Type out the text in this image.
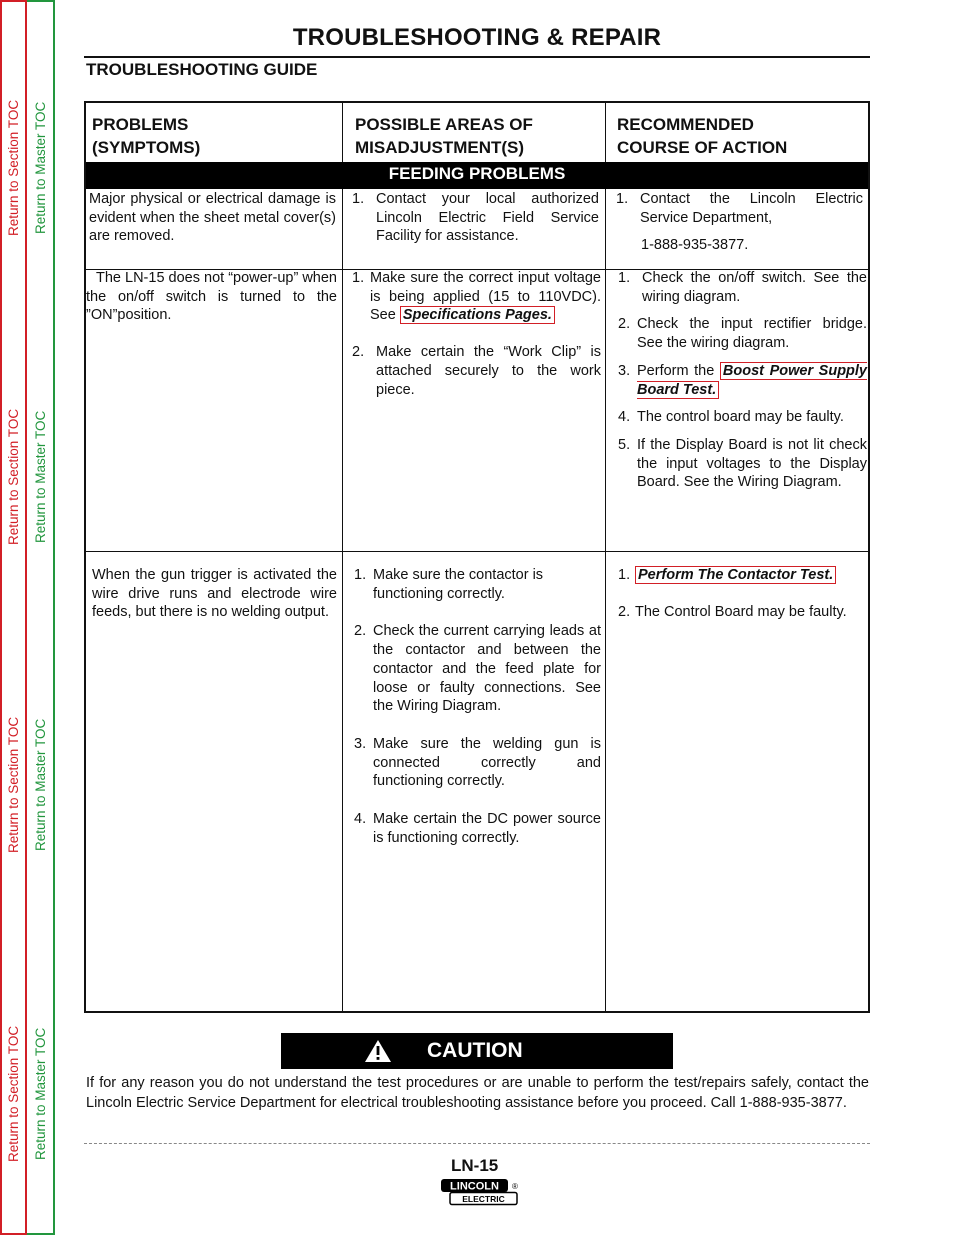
Return to Section TOC Return to Master TOC
Return to Section TOC Return to Master TOC
Return to Section TOC Return to Master TOC
Return to Section TOC Return to Master TOC
TROUBLESHOOTING & REPAIR
TROUBLESHOOTING GUIDE
PROBLEMS
(SYMPTOMS)
POSSIBLE AREAS OF
MISADJUSTMENT(S)
RECOMMENDED
COURSE OF ACTION
FEEDING PROBLEMS
Major physical or electrical damage is evident when the sheet metal cover(s) are removed.
1. Contact your local authorized Lincoln Electric Field Service Facility for assistance.
1. Contact the Lincoln Electric Service Department,
1-888-935-3877.

The LN-15 does not “power-up” when the on/off switch is turned to the ”ON”position.

1. Make sure the correct input voltage is being applied (15 to 110VDC). See Specifications Pages.
2. Make certain the “Work Clip” is attached securely to the work piece.
1. Check the on/off switch. See the wiring diagram.
2. Check the input rectifier bridge. See the wiring diagram.
3. Perform the Boost Power Supply Board Test.
4. The control board may be faulty.
5. If the Display Board is not lit check the input voltages to the Display Board. See the Wiring Diagram.
When the gun trigger is activated the wire drive runs and electrode wire feeds, but there is no welding output.
1. Make sure the contactor is functioning correctly.
2. Check the current carrying leads at the contactor and between the contactor and the feed plate for loose or faulty connections. See the Wiring Diagram.
3. Make sure the welding gun is connected correctly and functioning correctly.
4. Make certain the DC power source is functioning correctly.
1. Perform The Contactor Test.
2. The Control Board may be faulty.
CAUTION
If for any reason you do not understand the test procedures or are unable to perform the test/repairs safely, contact the Lincoln Electric Service Department for electrical troubleshooting assistance before you proceed. Call 1-888-935-3877.
LN-15
LINCOLN
ELECTRIC
®
